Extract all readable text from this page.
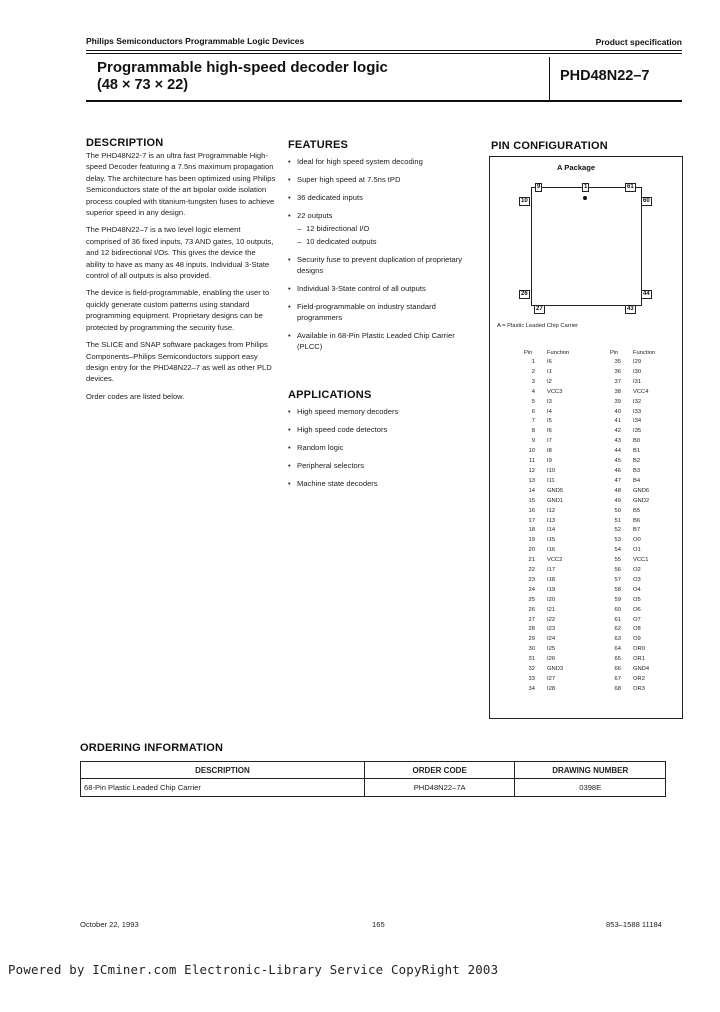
Philips Semiconductors Programmable Logic Devices	Product specification
Programmable high-speed decoder logic
(48 × 73 × 22)
PHD48N22–7
DESCRIPTION

The PHD48N22-7 is an ultra fast Programmable High-speed Decoder featuring a 7.5ns maximum propagation delay. The architecture has been optimized using Philips Semiconductors state of the art bipolar oxide isolation process coupled with titanium-tungsten fuses to achieve superior speed in any design.

The PHD48N22–7 is a two level logic element comprised of 36 fixed inputs, 73 AND gates, 10 outputs, and 12 bidirectional I/Os. This gives the device the ability to have as many as 48 inputs. Individual 3-State control of all outputs is also provided.

The device is field-programmable, enabling the user to quickly generate custom patterns using standard programming equipment. Proprietary designs can be protected by programming the security fuse.

The SLICE and SNAP software packages from Philips Components–Philips Semiconductors support easy design entry for the PHD48N22–7 as well as other PLD devices.

Order codes are listed below.

FEATURES
• Ideal for high speed system decoding
• Super high speed at 7.5ns tPD
• 36 dedicated inputs
• 22 outputs
– 12 bidirectional I/O
– 10 dedicated outputs
• Security fuse to prevent duplication of proprietary designs
• Individual 3-State control of all outputs
• Field-programmable on industry standard programmers
• Available in 68-Pin Plastic Leaded Chip Carrier (PLCC)
APPLICATIONS
• High speed memory decoders
• High speed code detectors
• Random logic
• Peripheral selectors
• Machine state decoders
PIN CONFIGURATION
A Package
9	1	61
10	60
26	44
27	43
A = Plastic Leaded Chip Carrier
Pin	Function
1	I6
2	I1
3	I2
4	VCC3
5	I3
6	I4
7	I5
8	I6
9	I7
10	I8
11	I9
12	I10
13	I11
14	GND5
15	GND1
16	I12
17	I13
18	I14
19	I15
20	I16
21	VCC2
22	I17
23	I18
24	I19
25	I20
26	I21
27	I22
28	I23
29	I24
30	I25
31	I26
32	GND3
33	I27
34	I28
Pin	Function
35	I29
36	I30
37	I31
38	VCC4
39	I32
40	I33
41	I34
42	I35
43	B0
44	B1
45	B2
46	B3
47	B4
48	GND6
49	GND2
50	B5
51	B6
52	B7
53	O0
54	O1
55	VCC1
56	O2
57	O3
58	O4
59	O5
60	O6
61	O7
62	O8
63	O9
64	OR0
65	OR1
66	GND4
67	OR2
68	OR3
ORDERING INFORMATION
DESCRIPTION	ORDER CODE	DRAWING NUMBER
68-Pin Plastic Leaded Chip Carrier	PHD48N22–7A	0398E
October 22, 1993	165	853–1588 11184
Powered by ICminer.com Electronic-Library Service CopyRight 2003
